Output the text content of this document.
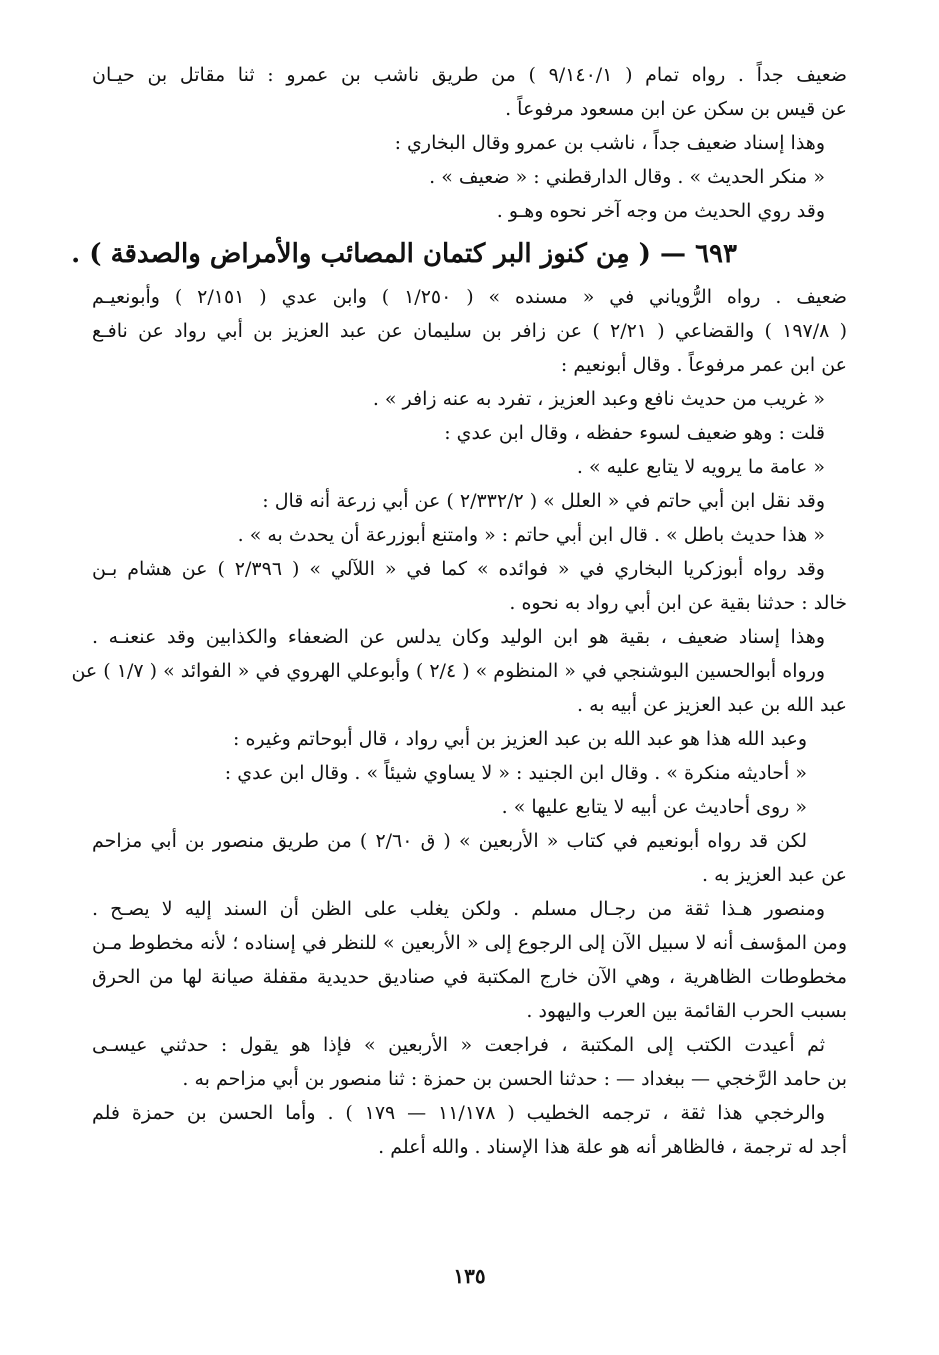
ضعيف جداً . رواه تمام ( ٩/١٤٠/١ ) من طريق ناشب بن عمرو : ثنا مقاتل بن حيـان
عن قيس بن سكن عن ابن مسعود مرفوعاً .
وهذا إسناد ضعيف جداً ، ناشب بن عمرو وقال البخاري :
« منكر الحديث » . وقال الدارقطني : « ضعيف » .
وقد روي الحديث من وجه آخر نحوه وهـو .
٦٩٣ — ( مِن كنوز البر كتمان المصائب والأمراض والصدقة ) .
ضعيف . رواه الرُّوياني في « مسنده » ( ١/٢٥٠ ) وابن عدي ( ٢/١٥١ ) وأبونعيـم
( ١٩٧/٨ ) والقضاعي ( ٢/٢١ ) عن زافر بن سليمان عن عبد العزيز بن أبي رواد عن نافـع
عن ابن عمر مرفوعاً . وقال أبونعيم :
« غريب من حديث نافع وعبد العزيز ، تفرد به عنه زافر » .
قلت : وهو ضعيف لسوء حفظه ، وقال ابن عدي :
« عامة ما يرويه لا يتابع عليه » .
وقد نقل ابن أبي حاتم في « العلل » ( ٢/٣٣٢/٢ ) عن أبي زرعة أنه قال :
« هذا حديث باطل » . قال ابن أبي حاتم : « وامتنع أبوزرعة أن يحدث به » .
وقد رواه أبوزكريا البخاري في « فوائده » كما في « اللآلي » ( ٢/٣٩٦ ) عن هشام بـن
خالد : حدثنا بقية عن ابن أبي رواد به نحوه .
وهذا إسناد ضعيف ، بقية هو ابن الوليد وكان يدلس عن الضعفاء والكذابين وقد عنعنـه .
ورواه أبوالحسين البوشنجي في « المنظوم » ( ٢/٤ ) وأبوعلي الهروي في « الفوائد » ( ١/٧ ) عن
عبد الله بن عبد العزيز عن أبيه به .
وعبد الله هذا هو عبد الله بن عبد العزيز بن أبي رواد ، قال أبوحاتم وغيره :
« أحاديثه منكرة » . وقال ابن الجنيد : « لا يساوي شيئاً » . وقال ابن عدي :
« روى أحاديث عن أبيه لا يتابع عليها » .
لكن قد رواه أبونعيم في كتاب « الأربعين » ( ق ٢/٦٠ ) من طريق منصور بن أبي مزاحم
عن عبد العزيز به .
ومنصور هـذا ثقة من رجـال مسلم . ولكن يغلب على الظن أن السند إليه لا يصـح .
ومن المؤسف أنه لا سبيل الآن إلى الرجوع إلى « الأربعين » للنظر في إسناده ؛ لأنه مخطوط مـن
مخطوطات الظاهرية ، وهي الآن خارج المكتبة في صناديق حديدية مقفلة صيانة لها من الحرق
بسبب الحرب القائمة بين العرب واليهود .
ثم أعيدت الكتب إلى المكتبة ، فراجعت « الأربعين » فإذا هو يقول : حدثني عيسـى
بن حامد الرَّخجي — ببغداد — : حدثنا الحسن بن حمزة : ثنا منصور بن أبي مزاحم به .
والرخجي هذا ثقة ، ترجمه الخطيب ( ١١/١٧٨ — ١٧٩ ) . وأما الحسن بن حمزة فلم
أجد له ترجمة ، فالظاهر أنه هو علة هذا الإسناد . والله أعلم .
١٣٥
